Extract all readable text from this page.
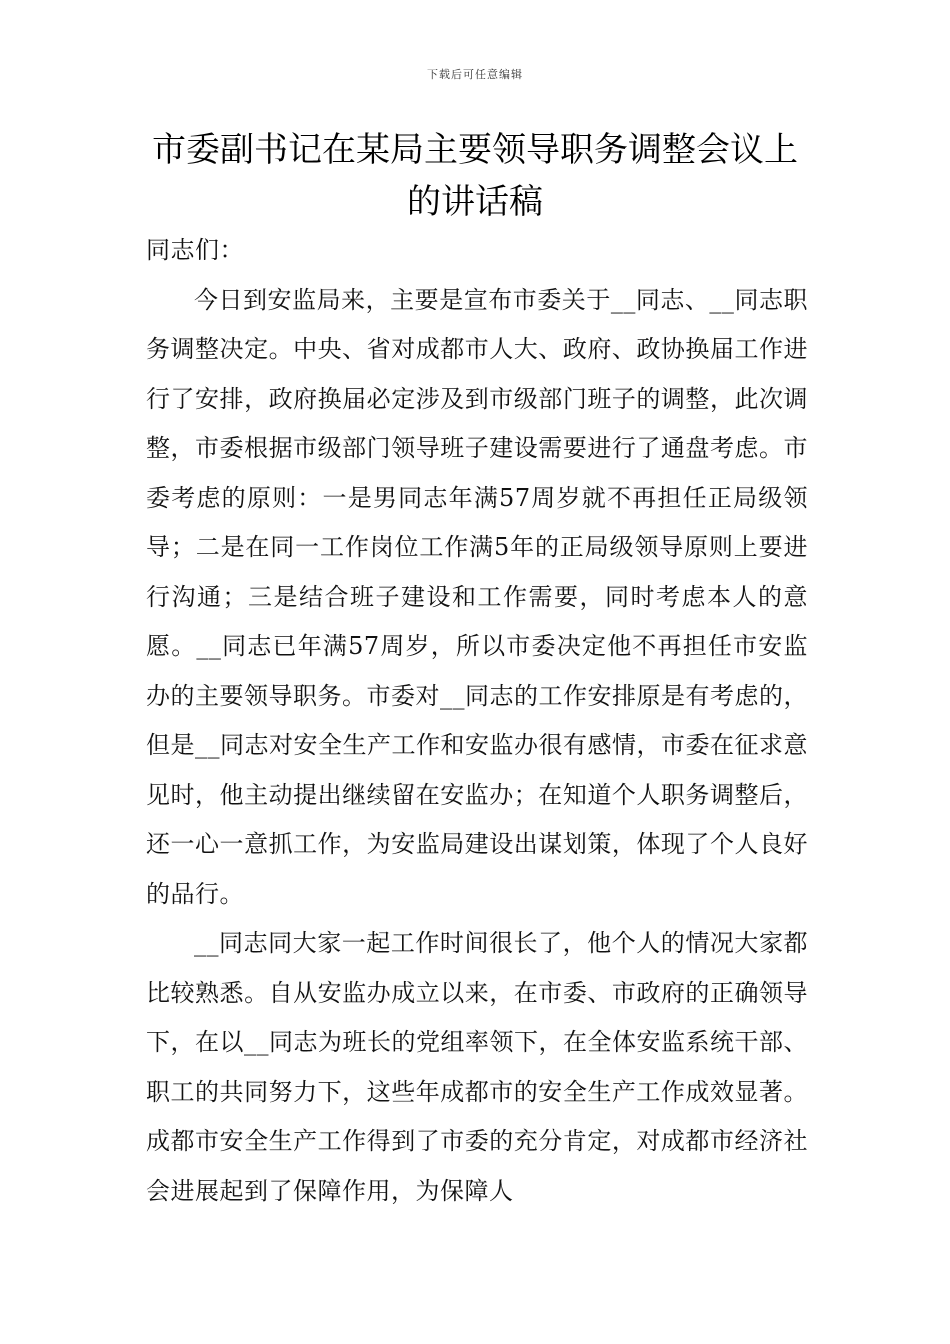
下载后可任意编辑
市委副书记在某局主要领导职务调整会议上的讲话稿

同志们：

今日到安监局来，主要是宣布市委关于__同志、__同志职务调整决定。中央、省对成都市人大、政府、政协换届工作进行了安排，政府换届必定涉及到市级部门班子的调整，此次调整，市委根据市级部门领导班子建设需要进行了通盘考虑。市委考虑的原则：一是男同志年满57周岁就不再担任正局级领导；二是在同一工作岗位工作满5年的正局级领导原则上要进行沟通；三是结合班子建设和工作需要，同时考虑本人的意愿。__同志已年满57周岁，所以市委决定他不再担任市安监办的主要领导职务。市委对__同志的工作安排原是有考虑的，但是__同志对安全生产工作和安监办很有感情，市委在征求意见时，他主动提出继续留在安监办；在知道个人职务调整后，还一心一意抓工作，为安监局建设出谋划策，体现了个人良好的品行。

__同志同大家一起工作时间很长了，他个人的情况大家都比较熟悉。自从安监办成立以来，在市委、市政府的正确领导下，在以__同志为班长的党组率领下，在全体安监系统干部、职工的共同努力下，这些年成都市的安全生产工作成效显著。成都市安全生产工作得到了市委的充分肯定，对成都市经济社会进展起到了保障作用，为保障人
